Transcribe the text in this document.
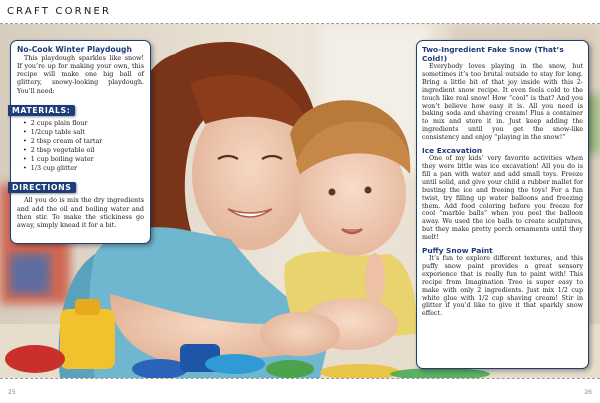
CRAFT CORNER
No-Cook Winter Playdough
This playdough sparkles like snow! If you’re up for making your own, this recipe will make one big ball of glittery, snowy-looking playdough. You’ll need:
MATERIALS:
• 2 cups plain flour
• 1/2cup table salt
• 2 tbsp cream of tartar
• 2 tbsp vegetable oil
• 1 cup boiling water
• 1/3 cup glitter
DIRECTIONS
All you do is mix the dry ingredients and add the oil and boiling water and then stir. To make the stickiness go away, simply knead it for a bit.
Two-Ingredient Fake Snow (That’s Cold!)
Everybody loves playing in the snow, but sometimes it’s too brutal outside to stay for long. Bring a little bit of that joy inside with this 2-ingredient snow recipe. It even feels cold to the touch like real snow! How “cool” is that? And you won’t believe how easy it is. All you need is baking soda and shaving cream! Plus a container to mix and store it in. Just keep adding the ingredients until you get the snow-like consistency and enjoy “playing in the snow!”
Ice Excavation
One of my kids’ very favorite activities when they were little was ice excavation! All you do is fill a pan with water and add small toys. Freeze until solid, and give your child a rubber mallet for busting the ice and freeing the toys! For a fun twist, try filling up water balloons and freezing them. Add food coloring before you freeze for cool “marble balls” when you peel the balloon away. We used the ice balls to create sculptures, but they make pretty porch ornaments until they melt!
Puffy Snow Paint
It’s fun to explore different textures, and this puffy snow paint provides a great sensory experience that is really fun to paint with! This recipe from Imagination Tree is super easy to make with only 2 ingredients. Just mix 1/2 cup white glue with 1/2 cup shaving cream! Stir in glitter if you’d like to give it that sparkly snow effect.
25	26
